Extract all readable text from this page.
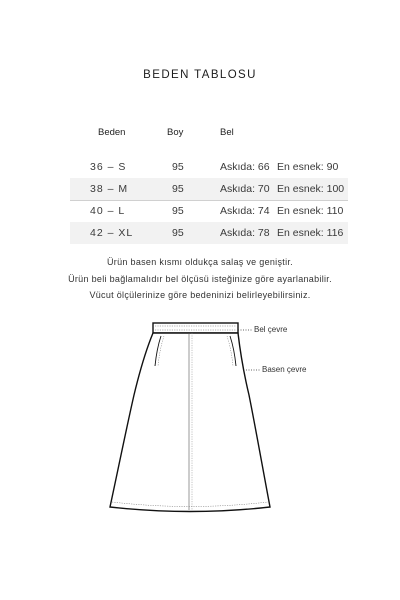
BEDEN TABLOSU
Beden	Boy	Bel
36 – S	95	Askıda: 66 En esnek: 90
38 – M	95	Askıda: 70 En esnek: 100
40 – L	95	Askıda: 74 En esnek: 110
42 – XL	95	Askıda: 78 En esnek: 116
Ürün basen kısmı oldukça salaş ve geniştir.
Ürün beli bağlamalıdır bel ölçüsü isteğinize göre ayarlanabilir.
Vücut ölçülerinize göre bedeninizi belirleyebilirsiniz.
Bel çevre
Basen çevre
